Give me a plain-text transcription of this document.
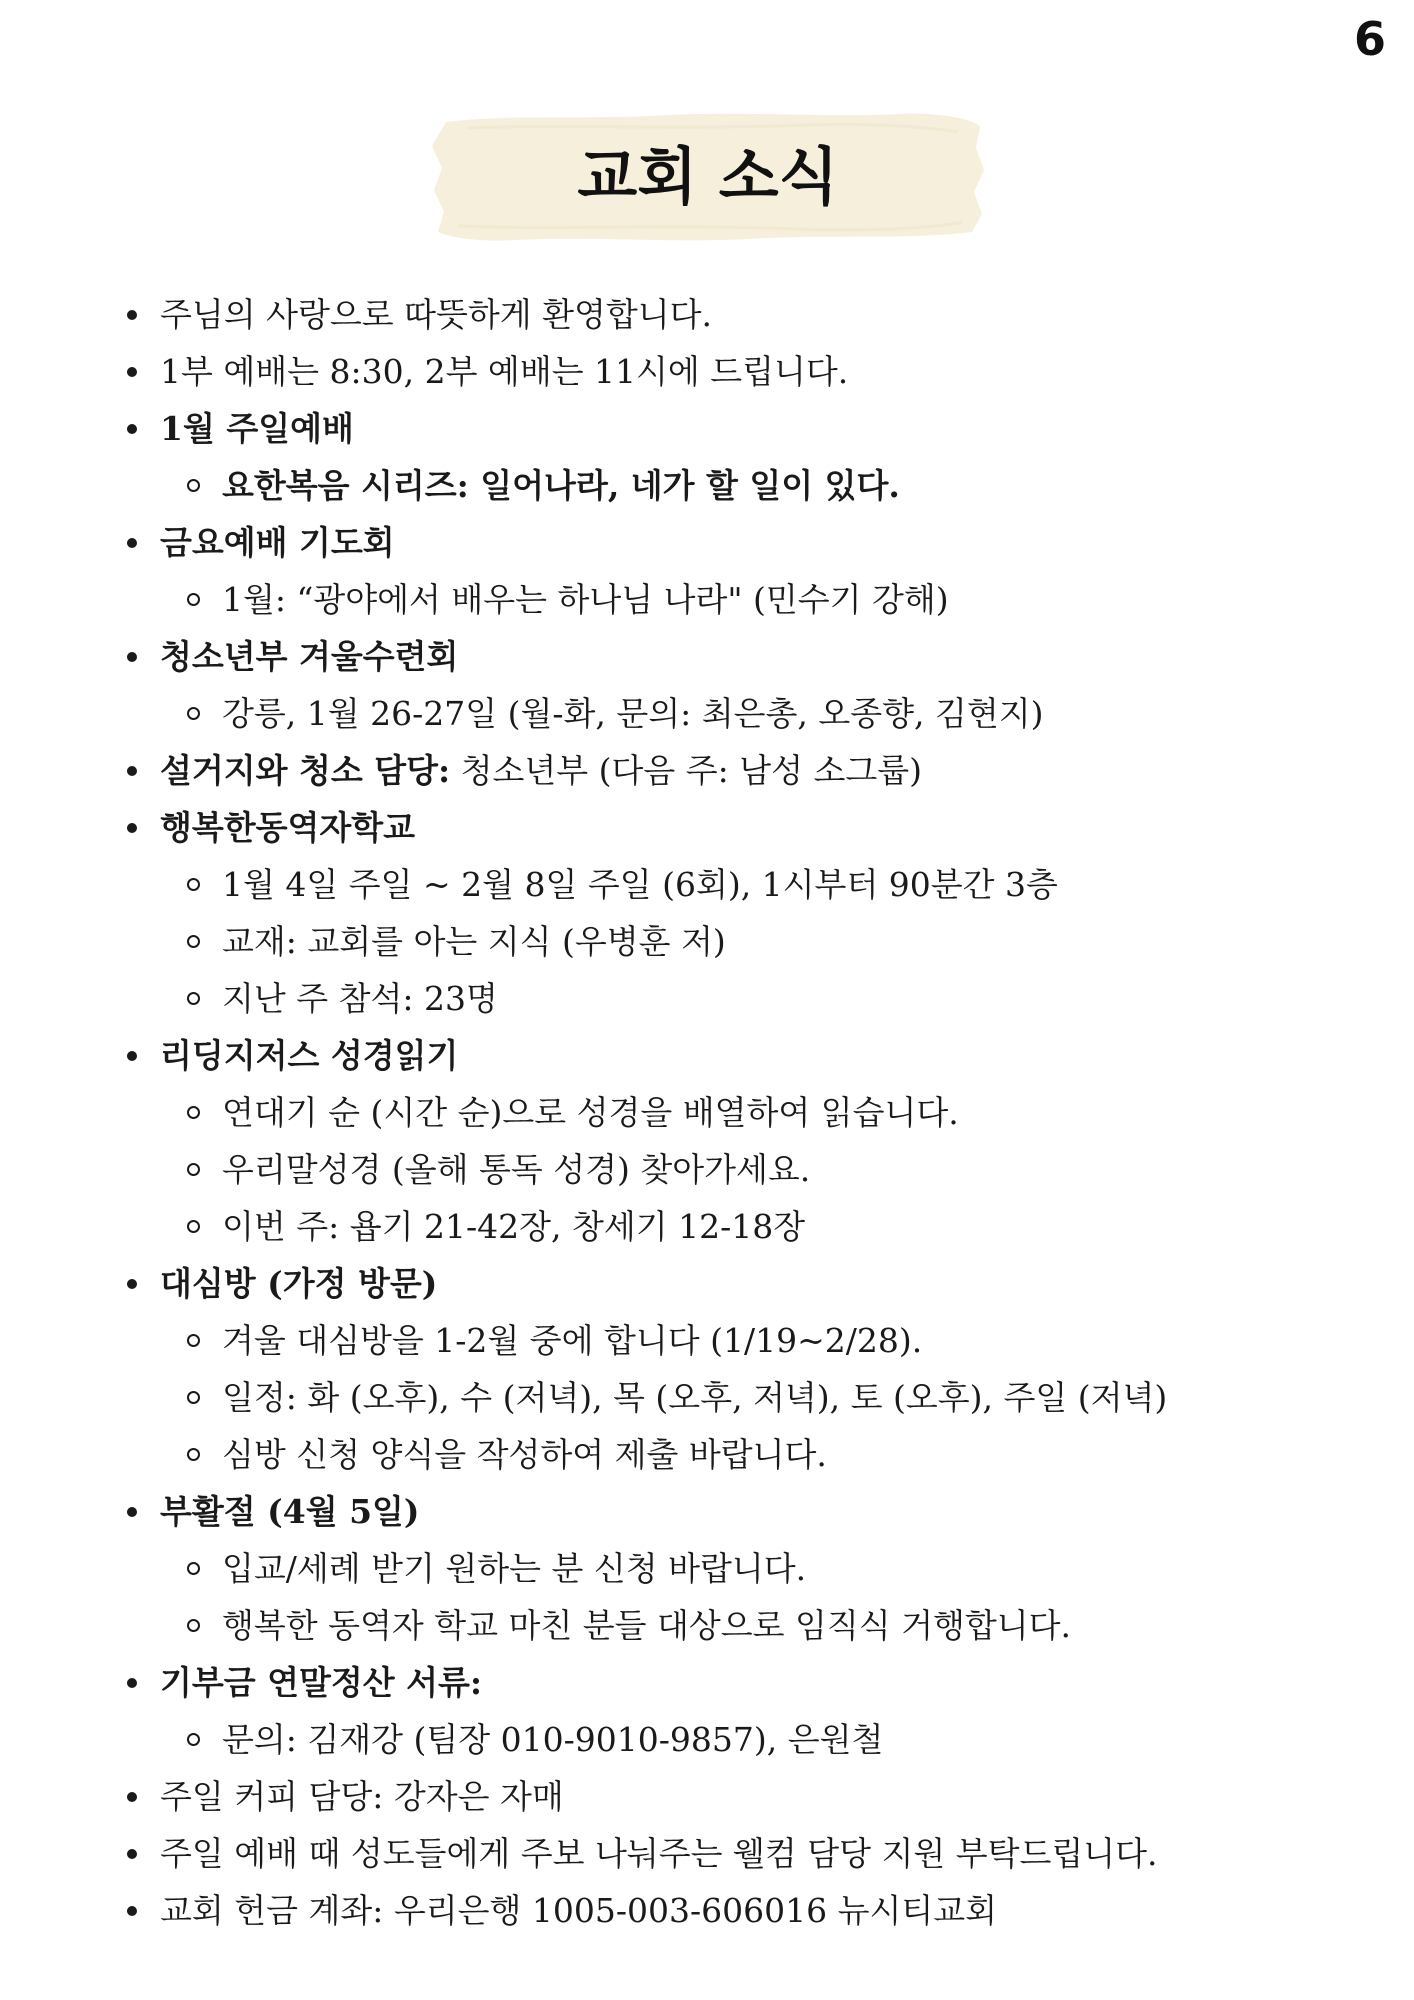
6
교회 소식
주님의 사랑으로 따뜻하게 환영합니다.
1부 예배는 8:30, 2부 예배는 11시에 드립니다.
1월 주일예배
요한복음 시리즈: 일어나라, 네가 할 일이 있다.
금요예배 기도회
1월: “광야에서 배우는 하나님 나라" (민수기 강해)
청소년부 겨울수련회
강릉, 1월 26-27일 (월-화, 문의: 최은총, 오종향, 김현지)
설거지와 청소 담당: 청소년부 (다음 주: 남성 소그룹)
행복한동역자학교
1월 4일 주일 ~ 2월 8일 주일 (6회), 1시부터 90분간 3층
교재: 교회를 아는 지식 (우병훈 저)
지난 주 참석: 23명
리딩지저스 성경읽기
연대기 순 (시간 순)으로 성경을 배열하여 읽습니다.
우리말성경 (올해 통독 성경) 찾아가세요.
이번 주: 욥기 21-42장, 창세기 12-18장
대심방 (가정 방문)
겨울 대심방을 1-2월 중에 합니다 (1/19~2/28).
일정: 화 (오후), 수 (저녁), 목 (오후, 저녁), 토 (오후), 주일 (저녁)
심방 신청 양식을 작성하여 제출 바랍니다.
부활절 (4월 5일)
입교/세례 받기 원하는 분 신청 바랍니다.
행복한 동역자 학교 마친 분들 대상으로 임직식 거행합니다.
기부금 연말정산 서류:
문의: 김재강 (팀장 010-9010-9857), 은원철
주일 커피 담당: 강자은 자매
주일 예배 때 성도들에게 주보 나눠주는 웰컴 담당 지원 부탁드립니다.
교회 헌금 계좌: 우리은행 1005-003-606016 뉴시티교회
